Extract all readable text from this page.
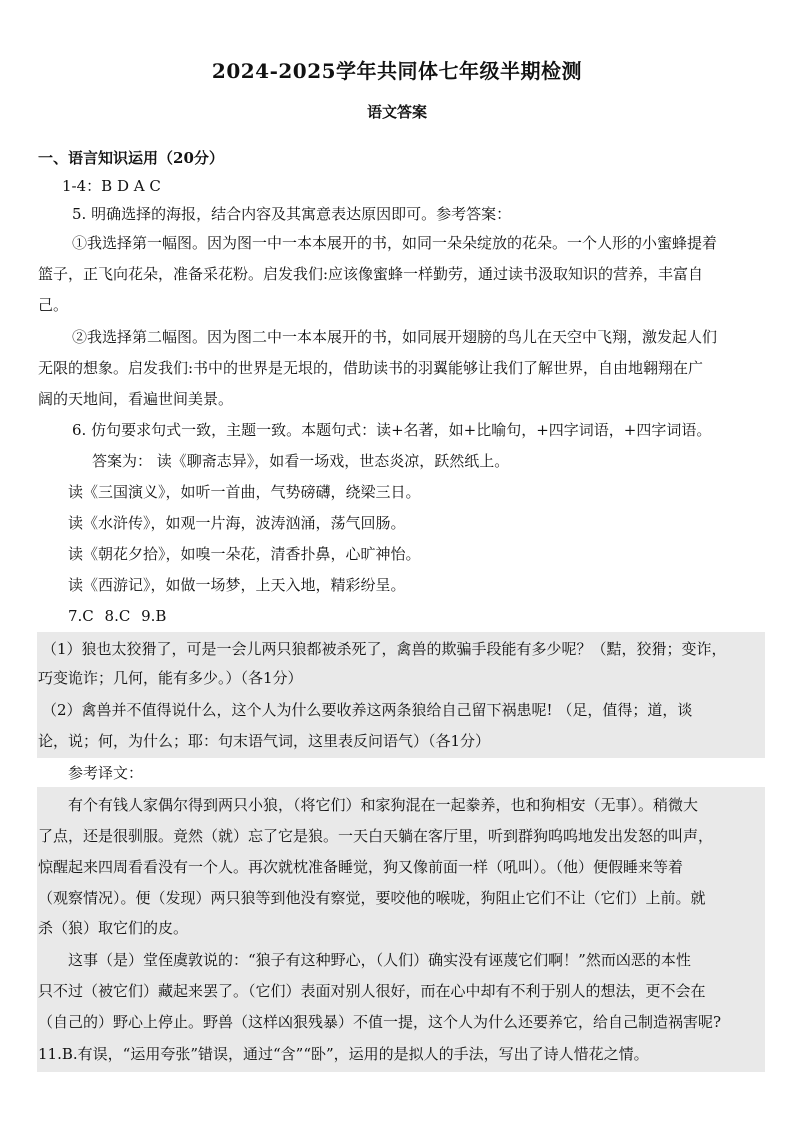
2024-2025学年共同体七年级半期检测
语文答案
一、语言知识运用（20分）
1-4：B D A C
5. 明确选择的海报，结合内容及其寓意表达原因即可。参考答案：
①我选择第一幅图。因为图一中一本本展开的书，如同一朵朵绽放的花朵。一个人形的小蜜蜂提着
篮子，正飞向花朵，准备采花粉。启发我们:应该像蜜蜂一样勤劳，通过读书汲取知识的营养，丰富自
己。
②我选择第二幅图。因为图二中一本本展开的书，如同展开翅膀的鸟儿在天空中飞翔，激发起人们
无限的想象。启发我们:书中的世界是无垠的，借助读书的羽翼能够让我们了解世界，自由地翱翔在广
阔的天地间，看遍世间美景。
6. 仿句要求句式一致，主题一致。本题句式：读+名著，如+比喻句，+四字词语，+四字词语。
答案为： 读《聊斋志异》，如看一场戏，世态炎凉，跃然纸上。
读《三国演义》，如听一首曲，气势磅礴，绕梁三日。
读《水浒传》，如观一片海，波涛汹涌，荡气回肠。
读《朝花夕拾》，如嗅一朵花，清香扑鼻，心旷神怡。
读《西游记》，如做一场梦，上天入地，精彩纷呈。
7.C 8.C 9.B
（1）狼也太狡猾了，可是一会儿两只狼都被杀死了，禽兽的欺骗手段能有多少呢？（黠，狡猾；变诈，
巧变诡诈；几何，能有多少。）（各1分）
（2）禽兽并不值得说什么，这个人为什么要收养这两条狼给自己留下祸患呢! （足，值得；道，谈
论，说；何，为什么；耶：句末语气词，这里表反问语气）（各1分）
参考译文：
有个有钱人家偶尔得到两只小狼，（将它们）和家狗混在一起豢养，也和狗相安（无事）。稍微大
了点，还是很驯服。竟然（就）忘了它是狼。一天白天躺在客厅里，听到群狗呜呜地发出发怒的叫声，
惊醒起来四周看看没有一个人。再次就枕准备睡觉，狗又像前面一样（吼叫）。（他）便假睡来等着
（观察情况）。便（发现）两只狼等到他没有察觉，要咬他的喉咙，狗阻止它们不让（它们）上前。就
杀（狼）取它们的皮。
这事（是）堂侄虞敦说的：“狼子有这种野心，（人们）确实没有诬蔑它们啊！”然而凶恶的本性
只不过（被它们）藏起来罢了。（它们）表面对别人很好，而在心中却有不利于别人的想法，更不会在
（自己的）野心上停止。野兽（这样凶狠残暴）不值一提，这个人为什么还要养它，给自己制造祸害呢?
11.B.有误，“运用夸张”错误，通过“含”“卧”，运用的是拟人的手法，写出了诗人惜花之情。
